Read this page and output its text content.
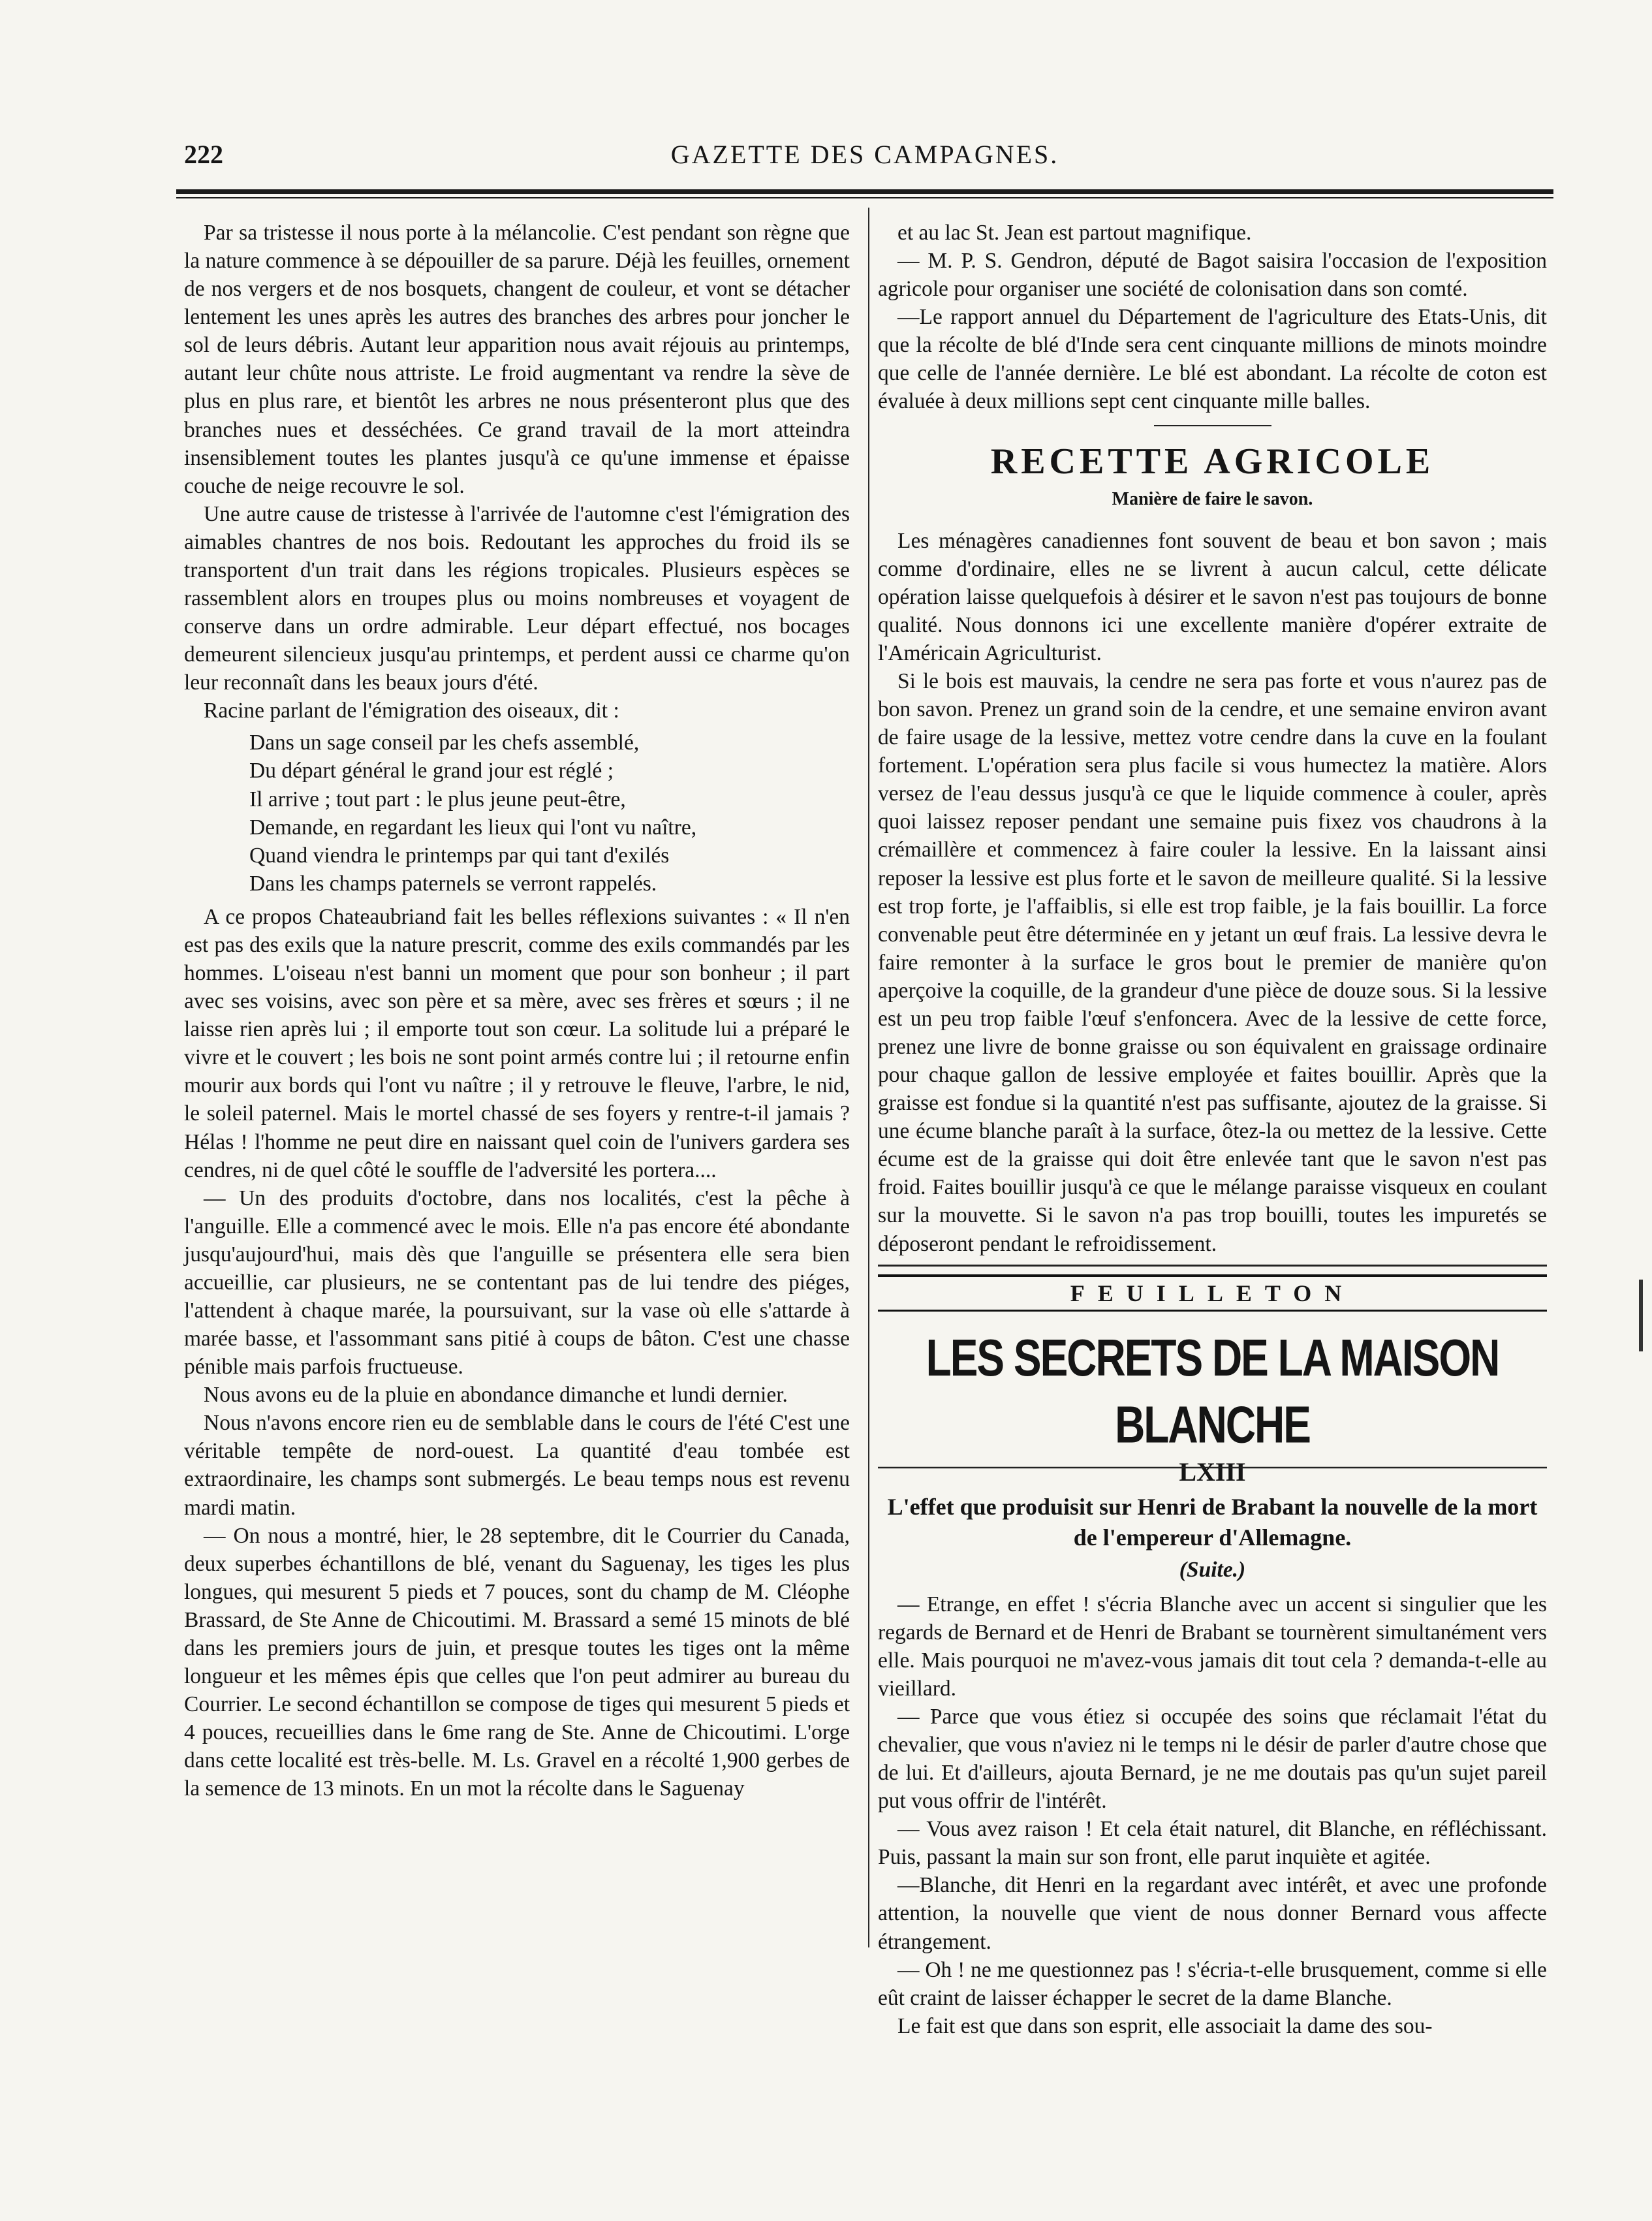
222	GAZETTE DES CAMPAGNES.

Par sa tristesse il nous porte à la mélancolie. C'est pendant son règne que la nature commence à se dépouiller de sa parure. Déjà les feuilles, ornement de nos vergers et de nos bosquets, changent de couleur, et vont se détacher lentement les unes après les autres des branches des arbres pour joncher le sol de leurs débris. Autant leur apparition nous avait réjouis au printemps, autant leur chûte nous attriste. Le froid augmentant va rendre la sève de plus en plus rare, et bientôt les arbres ne nous présenteront plus que des branches nues et desséchées. Ce grand travail de la mort atteindra insensiblement toutes les plantes jusqu'à ce qu'une immense et épaisse couche de neige recouvre le sol.

Une autre cause de tristesse à l'arrivée de l'automne c'est l'émigration des aimables chantres de nos bois. Redoutant les approches du froid ils se transportent d'un trait dans les régions tropicales. Plusieurs espèces se rassemblent alors en troupes plus ou moins nombreuses et voyagent de conserve dans un ordre admirable. Leur départ effectué, nos bocages demeurent silencieux jusqu'au printemps, et perdent aussi ce charme qu'on leur reconnaît dans les beaux jours d'été.

Racine parlant de l'émigration des oiseaux, dit :

Dans un sage conseil par les chefs assemblé,
Du départ général le grand jour est réglé ;
Il arrive ; tout part : le plus jeune peut-être,
Demande, en regardant les lieux qui l'ont vu naître,
Quand viendra le printemps par qui tant d'exilés
Dans les champs paternels se verront rappelés.

A ce propos Chateaubriand fait les belles réflexions suivantes : « Il n'en est pas des exils que la nature prescrit, comme des exils commandés par les hommes. L'oiseau n'est banni un moment que pour son bonheur ; il part avec ses voisins, avec son père et sa mère, avec ses frères et sœurs ; il ne laisse rien après lui ; il emporte tout son cœur. La solitude lui a préparé le vivre et le couvert ; les bois ne sont point armés contre lui ; il retourne enfin mourir aux bords qui l'ont vu naître ; il y retrouve le fleuve, l'arbre, le nid, le soleil paternel. Mais le mortel chassé de ses foyers y rentre-t-il jamais ? Hélas ! l'homme ne peut dire en naissant quel coin de l'univers gardera ses cendres, ni de quel côté le souffle de l'adversité les portera....

— Un des produits d'octobre, dans nos localités, c'est la pêche à l'anguille. Elle a commencé avec le mois. Elle n'a pas encore été abondante jusqu'aujourd'hui, mais dès que l'anguille se présentera elle sera bien accueillie, car plusieurs, ne se contentant pas de lui tendre des piéges, l'attendent à chaque marée, la poursuivant, sur la vase où elle s'attarde à marée basse, et l'assommant sans pitié à coups de bâton. C'est une chasse pénible mais parfois fructueuse.

Nous avons eu de la pluie en abondance dimanche et lundi dernier.

Nous n'avons encore rien eu de semblable dans le cours de l'été C'est une véritable tempête de nord-ouest. La quantité d'eau tombée est extraordinaire, les champs sont submergés. Le beau temps nous est revenu mardi matin.

— On nous a montré, hier, le 28 septembre, dit le Courrier du Canada, deux superbes échantillons de blé, venant du Saguenay, les tiges les plus longues, qui mesurent 5 pieds et 7 pouces, sont du champ de M. Cléophe Brassard, de Ste Anne de Chicoutimi. M. Brassard a semé 15 minots de blé dans les premiers jours de juin, et presque toutes les tiges ont la même longueur et les mêmes épis que celles que l'on peut admirer au bureau du Courrier. Le second échantillon se compose de tiges qui mesurent 5 pieds et 4 pouces, recueillies dans le 6me rang de Ste. Anne de Chicoutimi. L'orge dans cette localité est très-belle. M. Ls. Gravel en a récolté 1,900 gerbes de la semence de 13 minots. En un mot la récolte dans le Saguenay

et au lac St. Jean est partout magnifique.

— M. P. S. Gendron, député de Bagot saisira l'occasion de l'exposition agricole pour organiser une société de colonisation dans son comté.

—Le rapport annuel du Département de l'agriculture des Etats-Unis, dit que la récolte de blé d'Inde sera cent cinquante millions de minots moindre que celle de l'année dernière. Le blé est abondant. La récolte de coton est évaluée à deux millions sept cent cinquante mille balles.

RECETTE AGRICOLE
Manière de faire le savon.

Les ménagères canadiennes font souvent de beau et bon savon ; mais comme d'ordinaire, elles ne se livrent à aucun calcul, cette délicate opération laisse quelquefois à désirer et le savon n'est pas toujours de bonne qualité. Nous donnons ici une excellente manière d'opérer extraite de l'Américain Agriculturist.

Si le bois est mauvais, la cendre ne sera pas forte et vous n'aurez pas de bon savon. Prenez un grand soin de la cendre, et une semaine environ avant de faire usage de la lessive, mettez votre cendre dans la cuve en la foulant fortement. L'opération sera plus facile si vous humectez la matière. Alors versez de l'eau dessus jusqu'à ce que le liquide commence à couler, après quoi laissez reposer pendant une semaine puis fixez vos chaudrons à la crémaillère et commencez à faire couler la lessive. En la laissant ainsi reposer la lessive est plus forte et le savon de meilleure qualité. Si la lessive est trop forte, je l'affaiblis, si elle est trop faible, je la fais bouillir. La force convenable peut être déterminée en y jetant un œuf frais. La lessive devra le faire remonter à la surface le gros bout le premier de manière qu'on aperçoive la coquille, de la grandeur d'une pièce de douze sous. Si la lessive est un peu trop faible l'œuf s'enfoncera. Avec de la lessive de cette force, prenez une livre de bonne graisse ou son équivalent en graissage ordinaire pour chaque gallon de lessive employée et faites bouillir. Après que la graisse est fondue si la quantité n'est pas suffisante, ajoutez de la graisse. Si une écume blanche paraît à la surface, ôtez-la ou mettez de la lessive. Cette écume est de la graisse qui doit être enlevée tant que le savon n'est pas froid. Faites bouillir jusqu'à ce que le mélange paraisse visqueux en coulant sur la mouvette. Si le savon n'a pas trop bouilli, toutes les impuretés se déposeront pendant le refroidissement.

FEUILLETON
LES SECRETS DE LA MAISON BLANCHE
LXIII
L'effet que produisit sur Henri de Brabant la nouvelle de la mort de l'empereur d'Allemagne.
(Suite.)

— Etrange, en effet ! s'écria Blanche avec un accent si singulier que les regards de Bernard et de Henri de Brabant se tournèrent simultanément vers elle. Mais pourquoi ne m'avez-vous jamais dit tout cela ? demanda-t-elle au vieillard.

— Parce que vous étiez si occupée des soins que réclamait l'état du chevalier, que vous n'aviez ni le temps ni le désir de parler d'autre chose que de lui. Et d'ailleurs, ajouta Bernard, je ne me doutais pas qu'un sujet pareil put vous offrir de l'intérêt.

— Vous avez raison ! Et cela était naturel, dit Blanche, en réfléchissant. Puis, passant la main sur son front, elle parut inquiète et agitée.

—Blanche, dit Henri en la regardant avec intérêt, et avec une profonde attention, la nouvelle que vient de nous donner Bernard vous affecte étrangement.

— Oh ! ne me questionnez pas ! s'écria-t-elle brusquement, comme si elle eût craint de laisser échapper le secret de la dame Blanche.

Le fait est que dans son esprit, elle associait la dame des sou-
